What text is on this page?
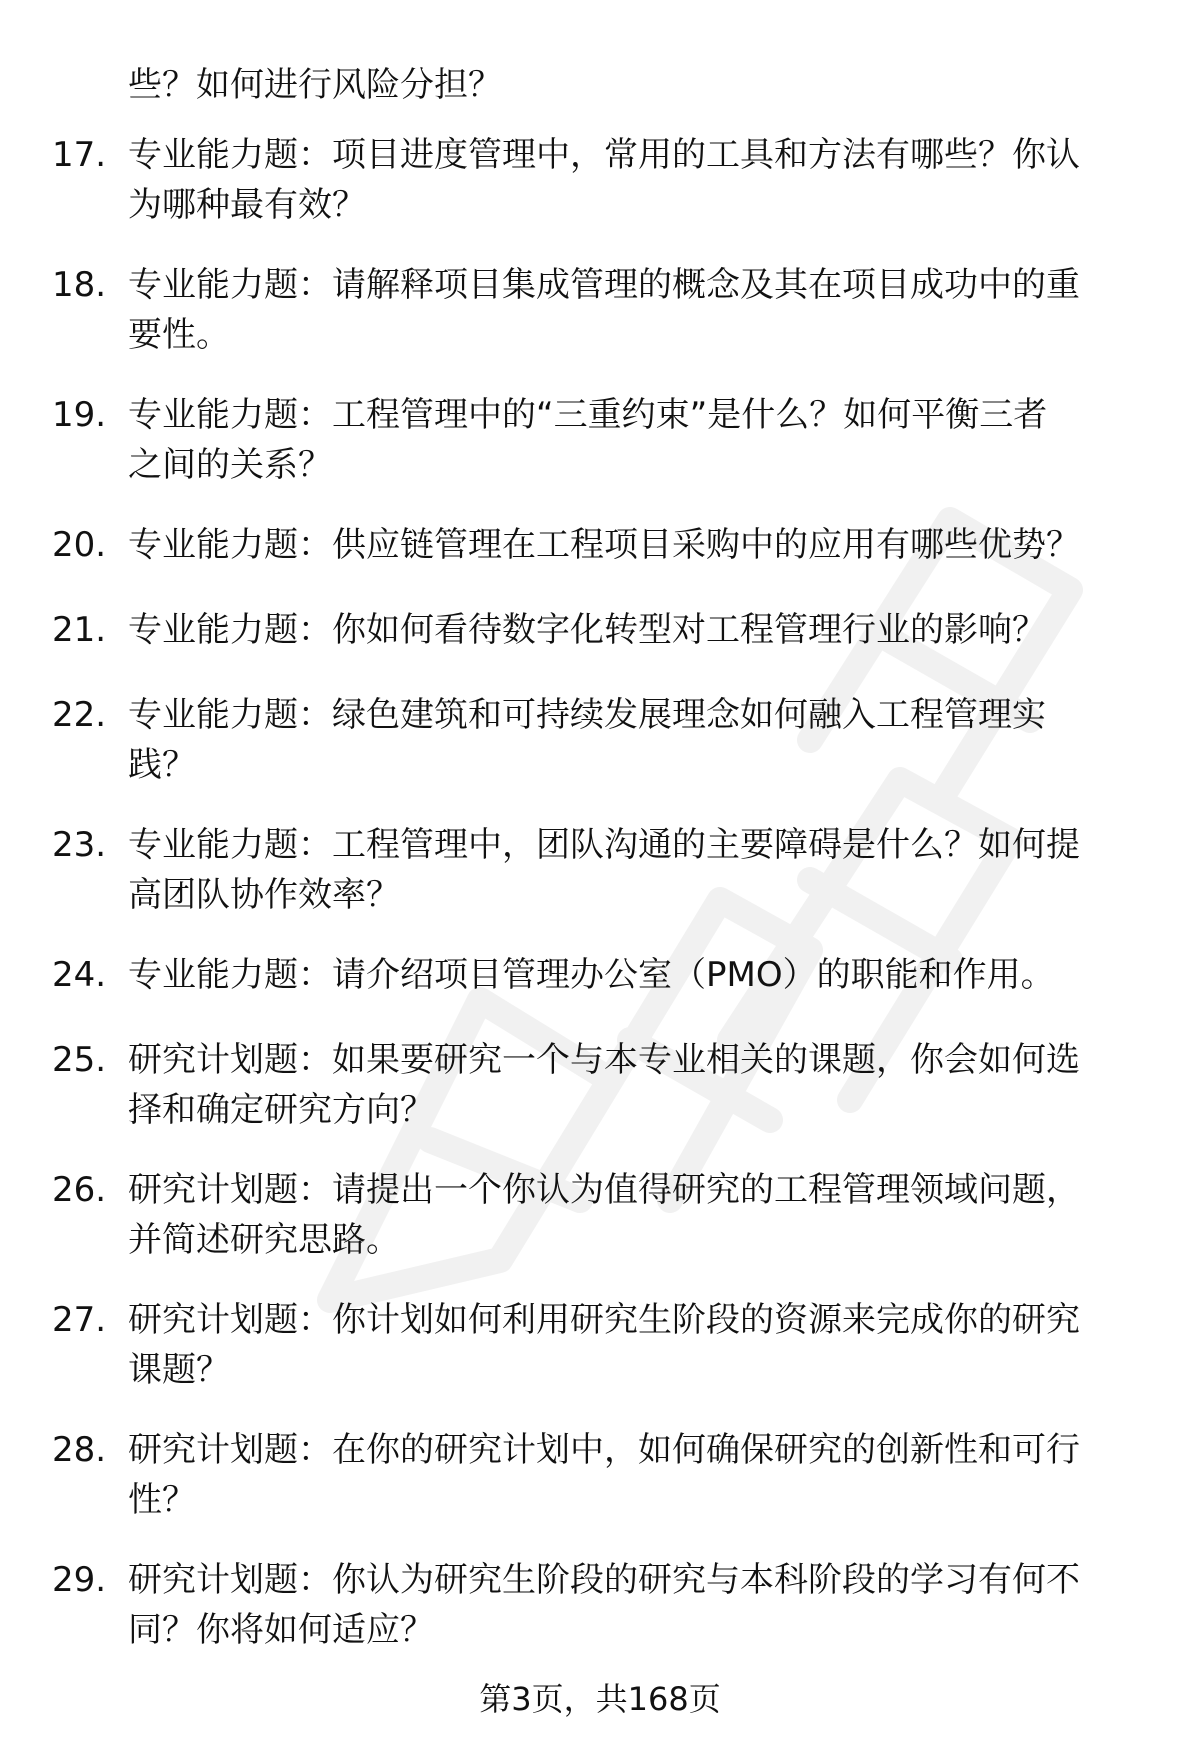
些？如何进行风险分担？
17. 专业能力题：项目进度管理中，常用的工具和方法有哪些？你认
为哪种最有效？
18. 专业能力题：请解释项目集成管理的概念及其在项目成功中的重
要性。
19. 专业能力题：工程管理中的“三重约束”是什么？如何平衡三者
之间的关系？
20. 专业能力题：供应链管理在工程项目采购中的应用有哪些优势？
21. 专业能力题：你如何看待数字化转型对工程管理行业的影响？
22. 专业能力题：绿色建筑和可持续发展理念如何融入工程管理实
践？
23. 专业能力题：工程管理中，团队沟通的主要障碍是什么？如何提
高团队协作效率？
24. 专业能力题：请介绍项目管理办公室（PMO）的职能和作用。
25. 研究计划题：如果要研究一个与本专业相关的课题，你会如何选
择和确定研究方向？
26. 研究计划题：请提出一个你认为值得研究的工程管理领域问题，
并简述研究思路。
27. 研究计划题：你计划如何利用研究生阶段的资源来完成你的研究
课题？
28. 研究计划题：在你的研究计划中，如何确保研究的创新性和可行
性？
29. 研究计划题：你认为研究生阶段的研究与本科阶段的学习有何不
同？你将如何适应？
第3页，共168页
